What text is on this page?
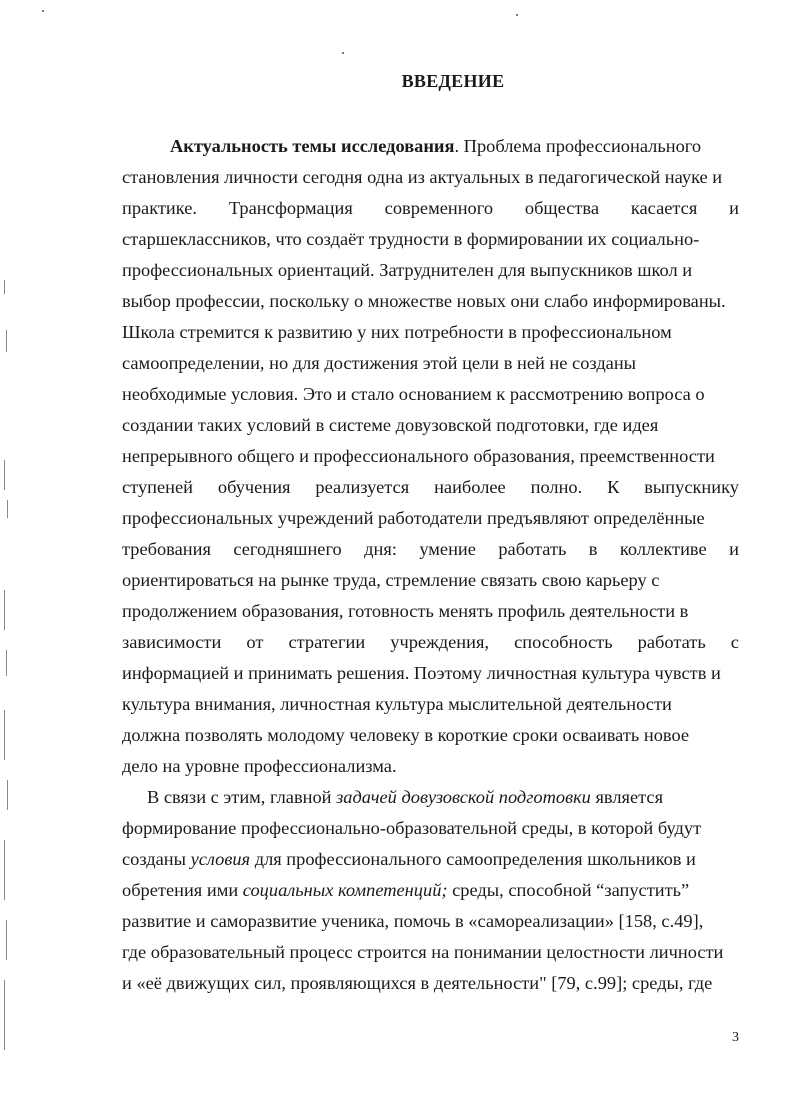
ВВЕДЕНИЕ
Актуальность темы исследования. Проблема профессионального
становления личности сегодня одна из актуальных в педагогической науке и
практике. Трансформация современного общества касается и
старшеклассников, что создаёт трудности в формировании их социально-
профессиональных ориентаций. Затруднителен для выпускников школ и
выбор профессии, поскольку о множестве новых они слабо информированы.
Школа стремится к развитию у них потребности в профессиональном
самоопределении, но для достижения этой цели в ней не созданы
необходимые условия. Это и стало основанием к рассмотрению вопроса о
создании таких условий в системе довузовской подготовки, где идея
непрерывного общего и профессионального образования, преемственности
ступеней обучения реализуется наиболее полно. К выпускнику
профессиональных учреждений работодатели предъявляют определённые
требования сегодняшнего дня: умение работать в коллективе и
ориентироваться на рынке труда, стремление связать свою карьеру с
продолжением образования, готовность менять профиль деятельности в
зависимости от стратегии учреждения, способность работать с
информацией и принимать решения. Поэтому личностная культура чувств и
культура внимания, личностная культура мыслительной деятельности
должна позволять молодому человеку в короткие сроки осваивать новое
дело на уровне профессионализма.
В связи с этим, главной задачей довузовской подготовки является
формирование профессионально-образовательной среды, в которой будут
созданы условия для профессионального самоопределения школьников и
обретения ими социальных компетенций; среды, способной “запустить”
развитие и саморазвитие ученика, помочь в «самореализации» [158, с.49],
где образовательный процесс строится на понимании целостности личности
и «её движущих сил, проявляющихся в деятельности" [79, с.99]; среды, где
3
